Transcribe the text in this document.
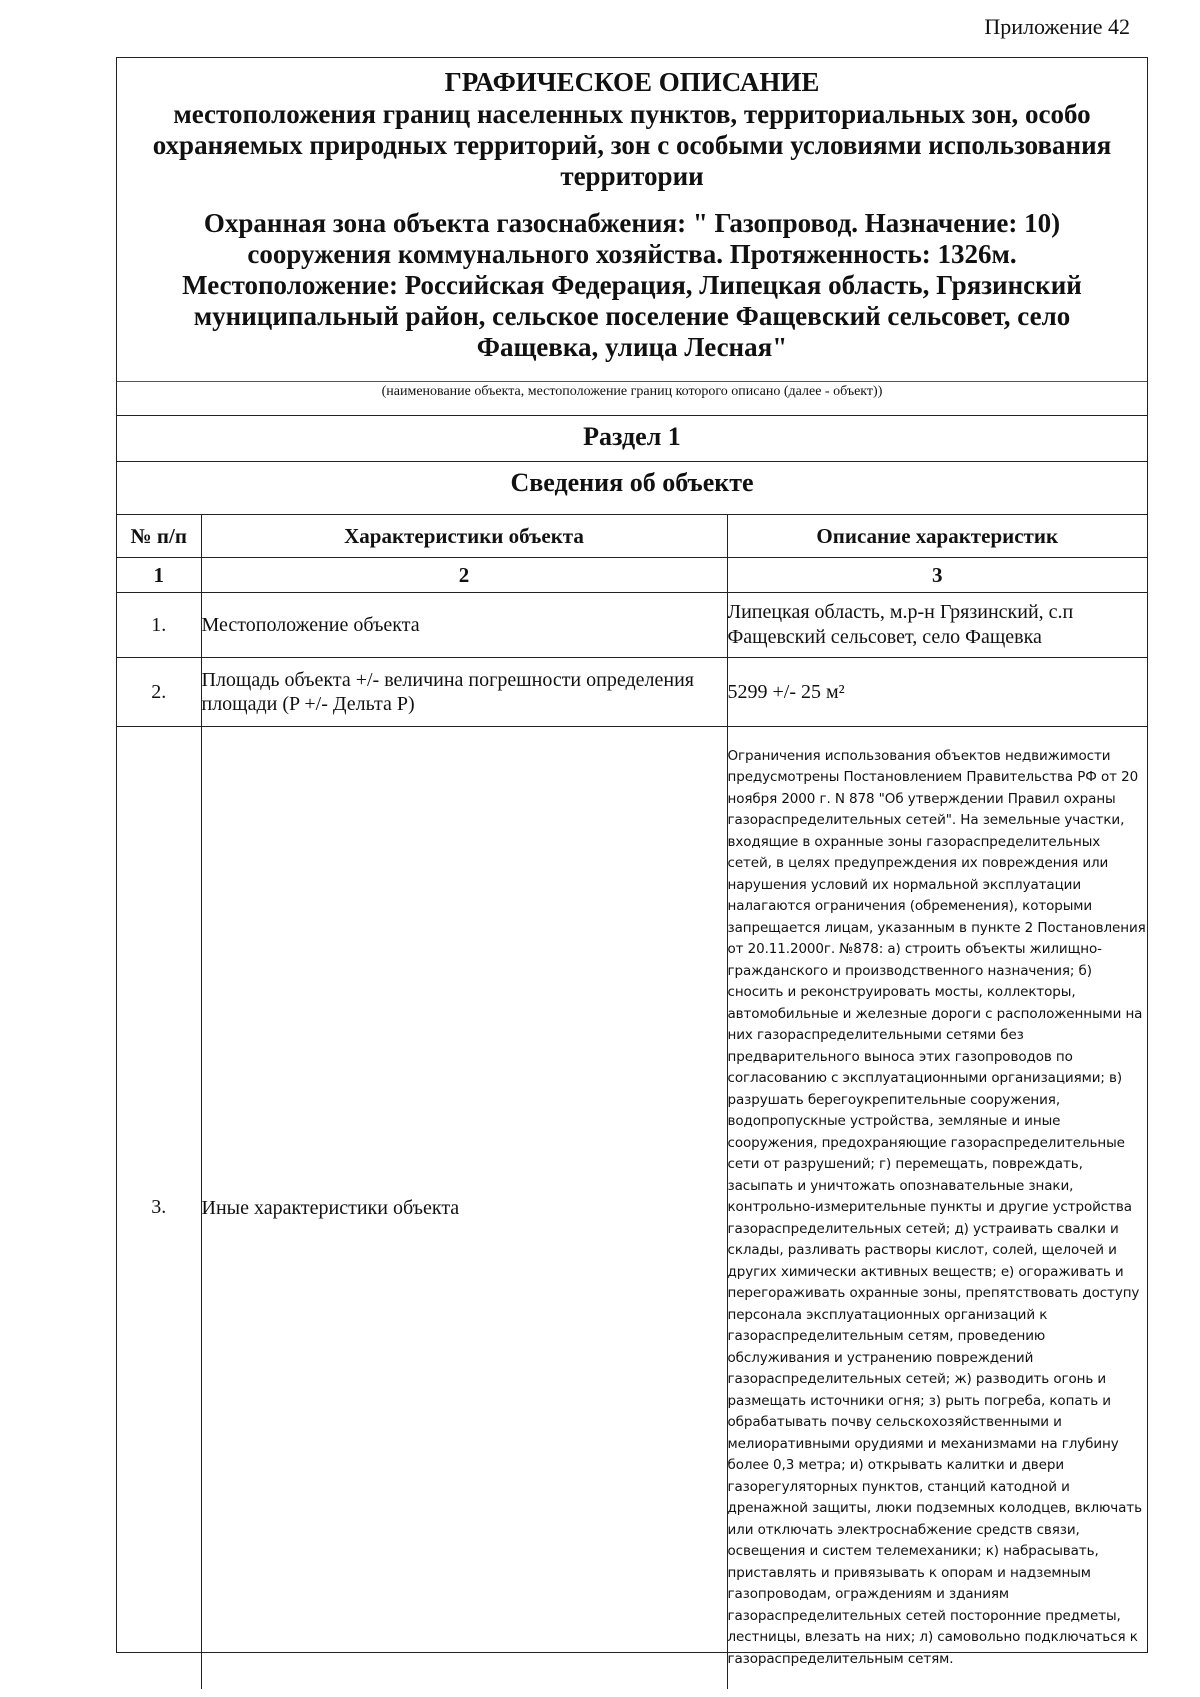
Приложение 42
ГРАФИЧЕСКОЕ ОПИСАНИЕ
местоположения границ населенных пунктов, территориальных зон, особо охраняемых природных территорий, зон с особыми условиями использования территории
Охранная зона объекта газоснабжения: " Газопровод. Назначение: 10) сооружения коммунального хозяйства. Протяженность: 1326м. Местоположение: Российская Федерация, Липецкая область, Грязинский муниципальный район, сельское поселение Фащевский сельсовет, село Фащевка, улица Лесная"
(наименование объекта, местоположение границ которого описано (далее - объект))
Раздел 1
Сведения об объекте
№ п/п	Характеристики объекта	Описание характеристик
1	2	3
1.	Местоположение объекта	Липецкая область, м.р-н Грязинский, с.п Фащевский сельсовет, село Фащевка
2.	Площадь объекта +/- величина погрешности определения площади (P +/- Дельта P)	5299 +/- 25 м²
3.	Иные характеристики объекта	Ограничения использования объектов недвижимости предусмотрены Постановлением Правительства РФ от 20 ноября 2000 г. N 878 "Об утверждении Правил охраны газораспределительных сетей". На земельные участки, входящие в охранные зоны газораспределительных сетей, в целях предупреждения их повреждения или нарушения условий их нормальной эксплуатации налагаются ограничения (обременения), которыми запрещается лицам, указанным в пункте 2 Постановления от 20.11.2000г. №878: а) строить объекты жилищно-гражданского и производственного назначения; б) сносить и реконструировать мосты, коллекторы, автомобильные и железные дороги с расположенными на них газораспределительными сетями без предварительного выноса этих газопроводов по согласованию с эксплуатационными организациями; в) разрушать берегоукрепительные сооружения, водопропускные устройства, земляные и иные сооружения, предохраняющие газораспределительные сети от разрушений; г) перемещать, повреждать, засыпать и уничтожать опознавательные знаки, контрольно-измерительные пункты и другие устройства газораспределительных сетей; д) устраивать свалки и склады, разливать растворы кислот, солей, щелочей и других химически активных веществ; е) огораживать и перегораживать охранные зоны, препятствовать доступу персонала эксплуатационных организаций к газораспределительным сетям, проведению обслуживания и устранению повреждений газораспределительных сетей; ж) разводить огонь и размещать источники огня; з) рыть погреба, копать и обрабатывать почву сельскохозяйственными и мелиоративными орудиями и механизмами на глубину более 0,3 метра; и) открывать калитки и двери газорегуляторных пунктов, станций катодной и дренажной защиты, люки подземных колодцев, включать или отключать электроснабжение средств связи, освещения и систем телемеханики; к) набрасывать, приставлять и привязывать к опорам и надземным газопроводам, ограждениям и зданиям газораспределительных сетей посторонние предметы, лестницы, влезать на них; л) самовольно подключаться к газораспределительным сетям.
